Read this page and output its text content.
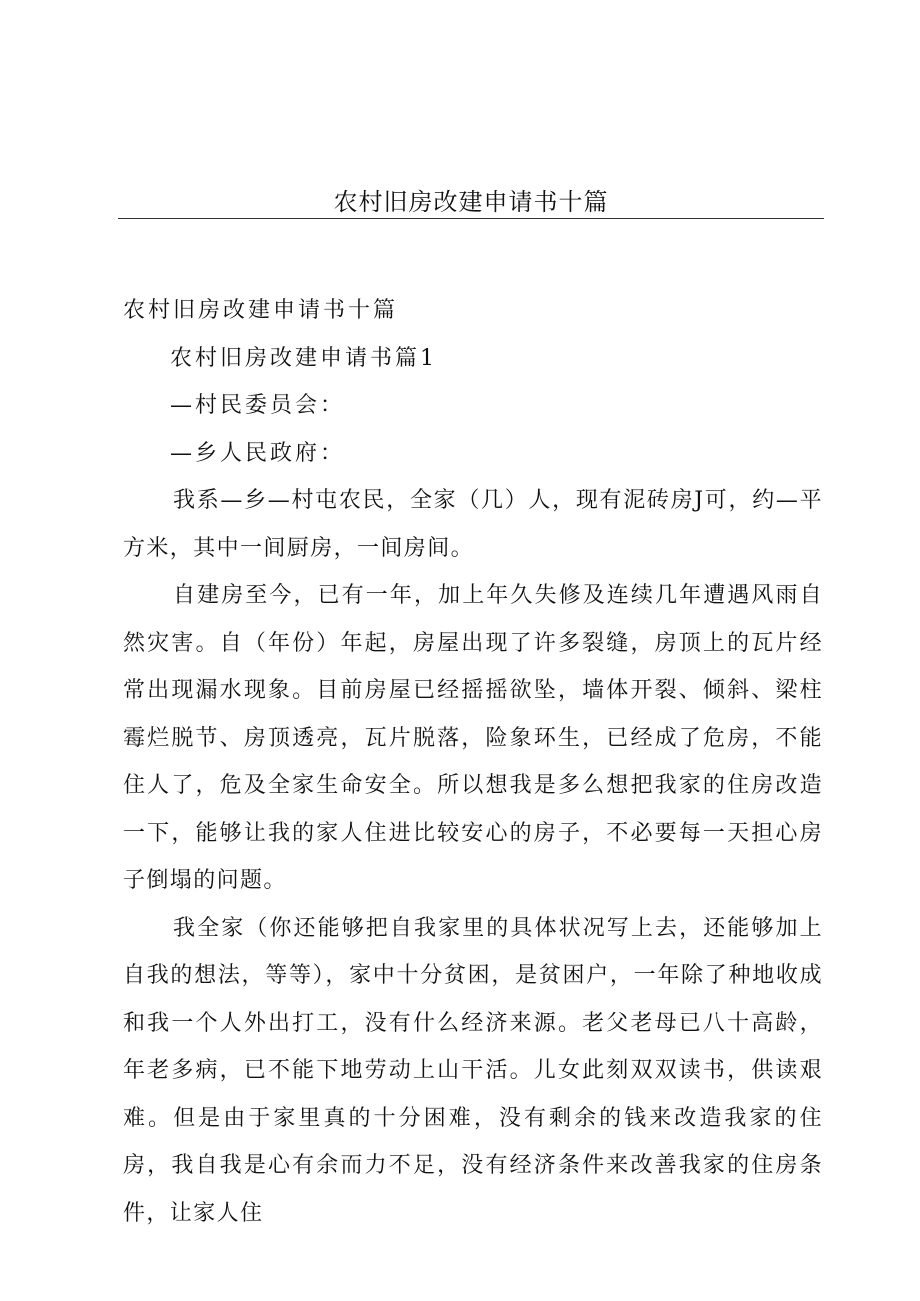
农村旧房改建申请书十篇
农村旧房改建申请书十篇
农村旧房改建申请书篇1
—村民委员会：
—乡人民政府：

我系—乡—村屯农民，全家（几）人，现有泥砖房J可，约—平方米，其中一间厨房，一间房间。

自建房至今，已有一年，加上年久失修及连续几年遭遇风雨自然灾害。自（年份）年起，房屋出现了许多裂缝，房顶上的瓦片经常出现漏水现象。目前房屋已经摇摇欲坠，墙体开裂、倾斜、梁柱霉烂脱节、房顶透亮，瓦片脱落，险象环生，已经成了危房，不能住人了，危及全家生命安全。所以想我是多么想把我家的住房改造一下，能够让我的家人住进比较安心的房子，不必要每一天担心房子倒塌的问题。

我全家（你还能够把自我家里的具体状况写上去，还能够加上自我的想法，等等），家中十分贫困，是贫困户，一年除了种地收成和我一个人外出打工，没有什么经济来源。老父老母已八十高龄，年老多病，已不能下地劳动上山干活。儿女此刻双双读书，供读艰难。但是由于家里真的十分困难，没有剩余的钱来改造我家的住房，我自我是心有余而力不足，没有经济条件来改善我家的住房条件，让家人住
